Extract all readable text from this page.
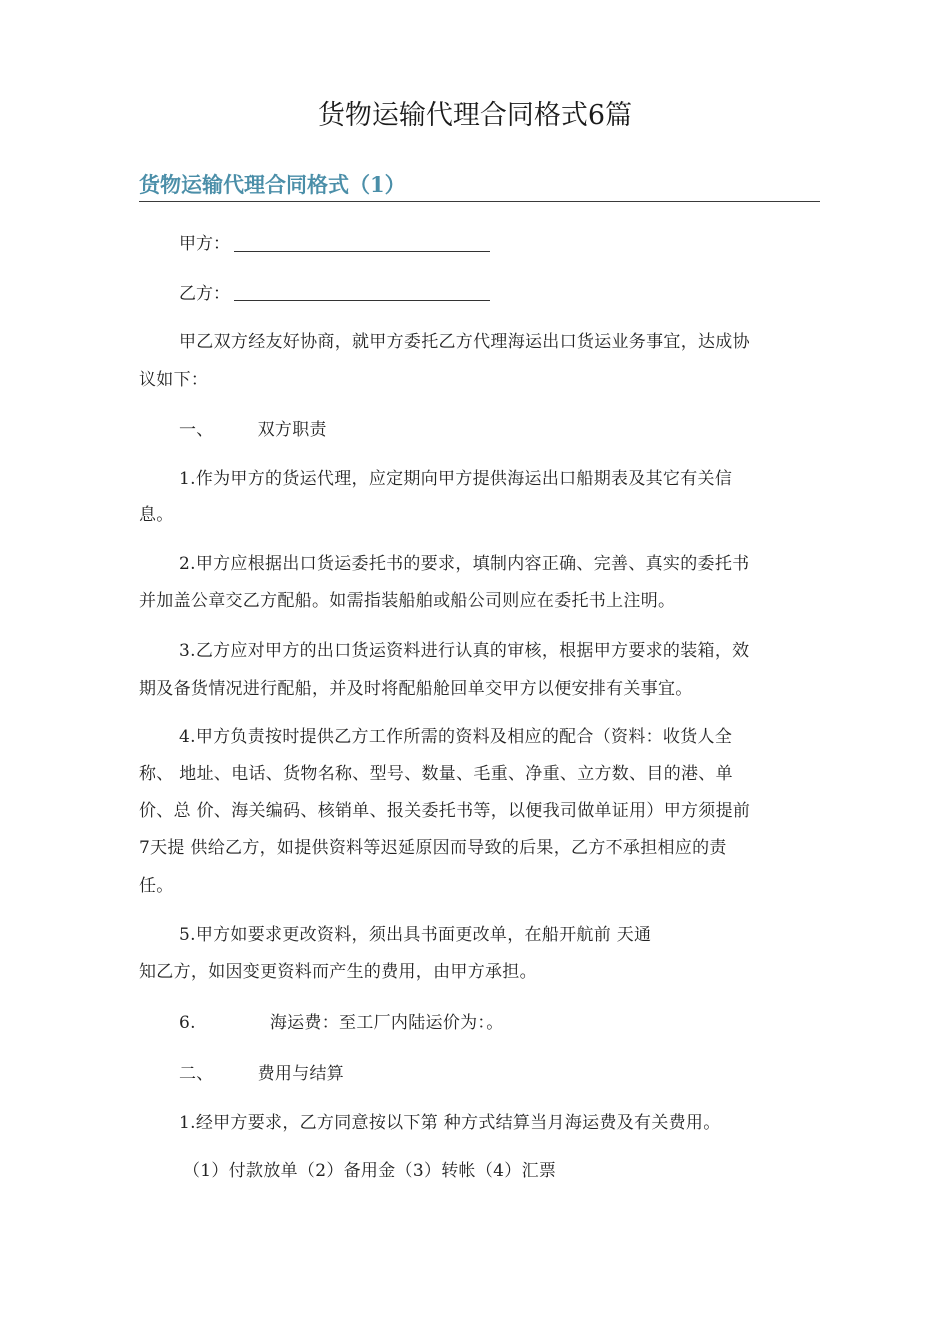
货物运输代理合同格式6篇
货物运输代理合同格式（1）
甲方：
乙方：
甲乙双方经友好协商，就甲方委托乙方代理海运出口货运业务事宜，达成协
议如下：
一、	双方职责
1.作为甲方的货运代理，应定期向甲方提供海运出口船期表及其它有关信
息。
2.甲方应根据出口货运委托书的要求，填制内容正确、完善、真实的委托书
并加盖公章交乙方配船。如需指装船舶或船公司则应在委托书上注明。
3.乙方应对甲方的出口货运资料进行认真的审核，根据甲方要求的装箱，效
期及备货情况进行配船，并及时将配船舱回单交甲方以便安排有关事宜。
4.甲方负责按时提供乙方工作所需的资料及相应的配合（资料：收货人全
称、 地址、电话、货物名称、型号、数量、毛重、净重、立方数、目的港、单
价、总 价、海关编码、核销单、报关委托书等，以便我司做单证用）甲方须提前
7天提 供给乙方，如提供资料等迟延原因而导致的后果，乙方不承担相应的责
任。
5.甲方如要求更改资料，须出具书面更改单，在船开航前 天通
知乙方，如因变更资料而产生的费用，由甲方承担。
6.	海运费：至工厂内陆运价为：。
二、	费用与结算
1.经甲方要求，乙方同意按以下第 种方式结算当月海运费及有关费用。
（1）付款放单（2）备用金（3）转帐（4）汇票
